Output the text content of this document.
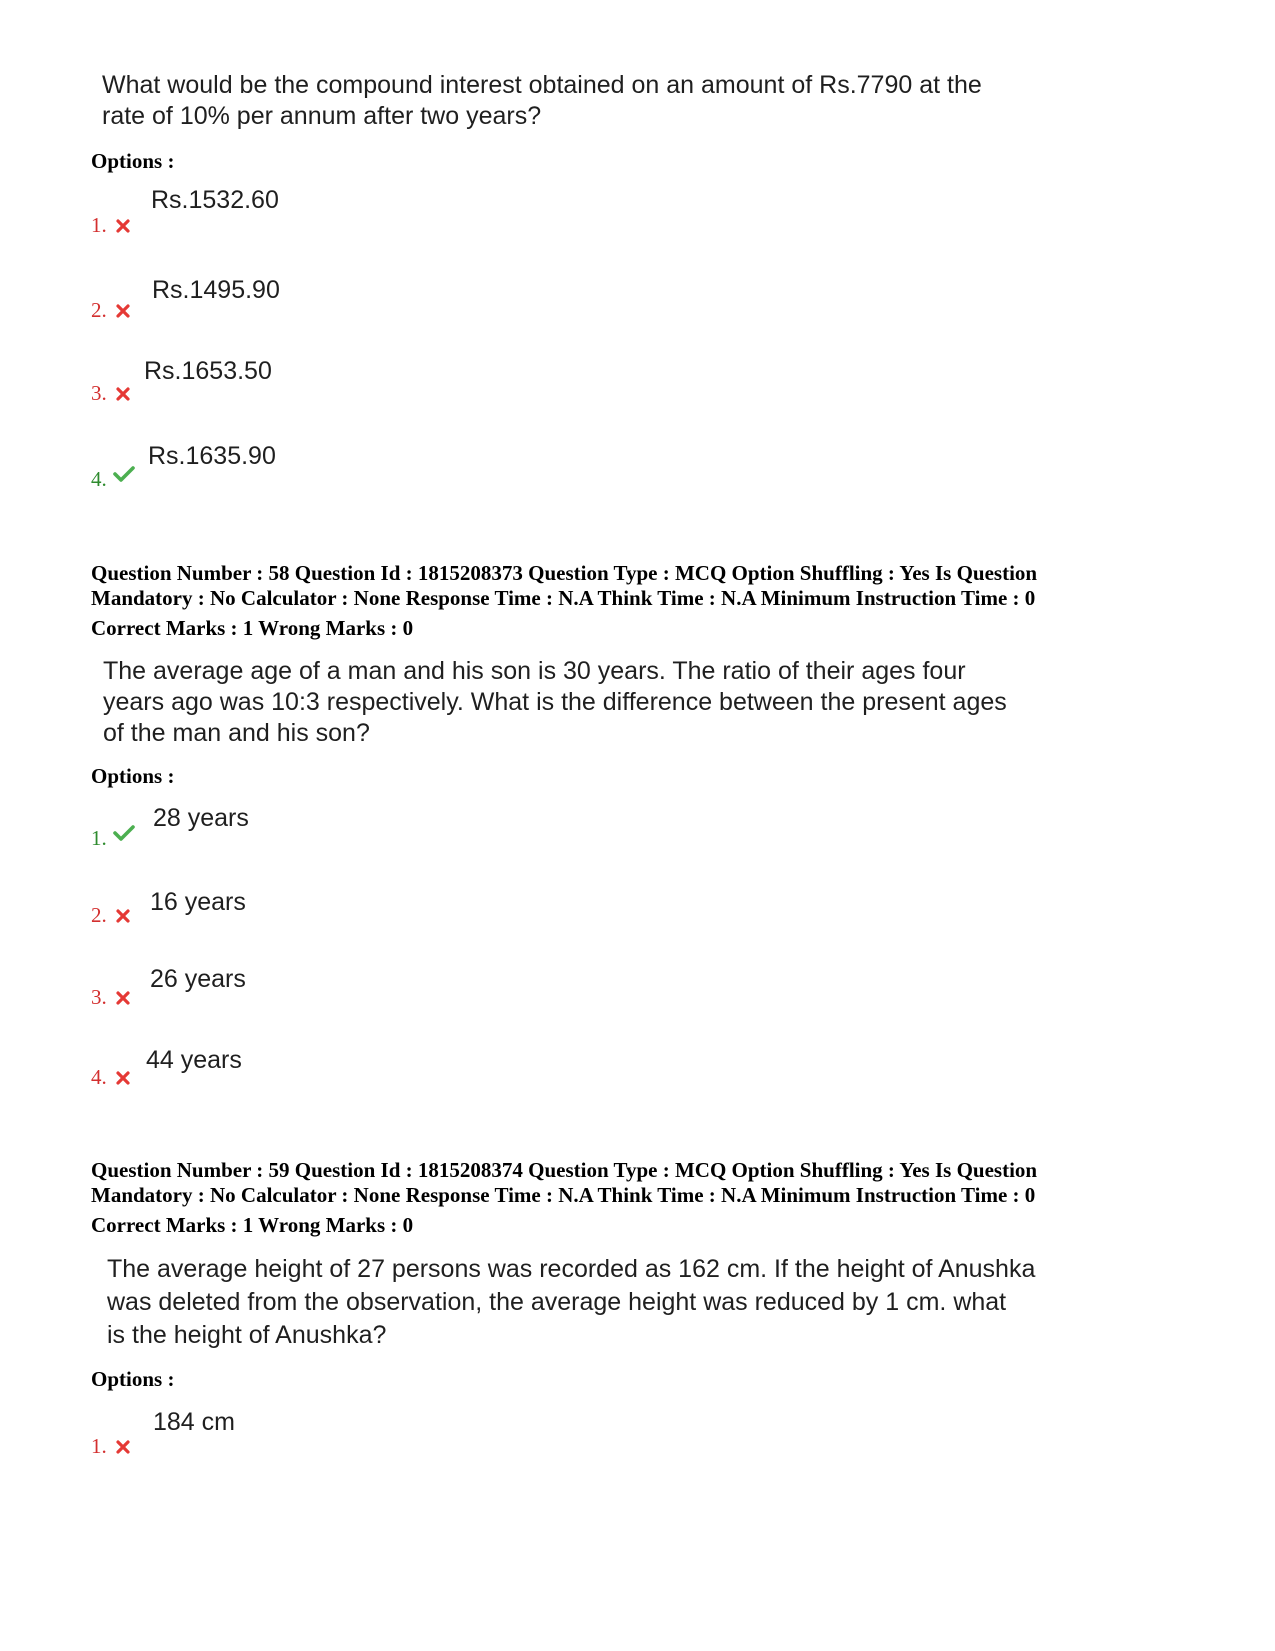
What would be the compound interest obtained on an amount of Rs.7790 at the

rate of 10% per annum after two years?

Options :
Rs.1532.60
1.
Rs.1495.90
2.
Rs.1653.50
3.
Rs.1635.90
4.
Question Number : 58 Question Id : 1815208373 Question Type : MCQ Option Shuffling : Yes Is Question
Mandatory : No Calculator : None Response Time : N.A Think Time : N.A Minimum Instruction Time : 0
Correct Marks : 1 Wrong Marks : 0

The average age of a man and his son is 30 years. The ratio of their ages four

years ago was 10:3 respectively. What is the difference between the present ages

of the man and his son?

Options :
28 years
1.
16 years
2.
26 years
3.
44 years
4.
Question Number : 59 Question Id : 1815208374 Question Type : MCQ Option Shuffling : Yes Is Question
Mandatory : No Calculator : None Response Time : N.A Think Time : N.A Minimum Instruction Time : 0
Correct Marks : 1 Wrong Marks : 0

The average height of 27 persons was recorded as 162 cm. If the height of Anushka

was deleted from the observation, the average height was reduced by 1 cm. what

is the height of Anushka?

Options :
184 cm
1.
